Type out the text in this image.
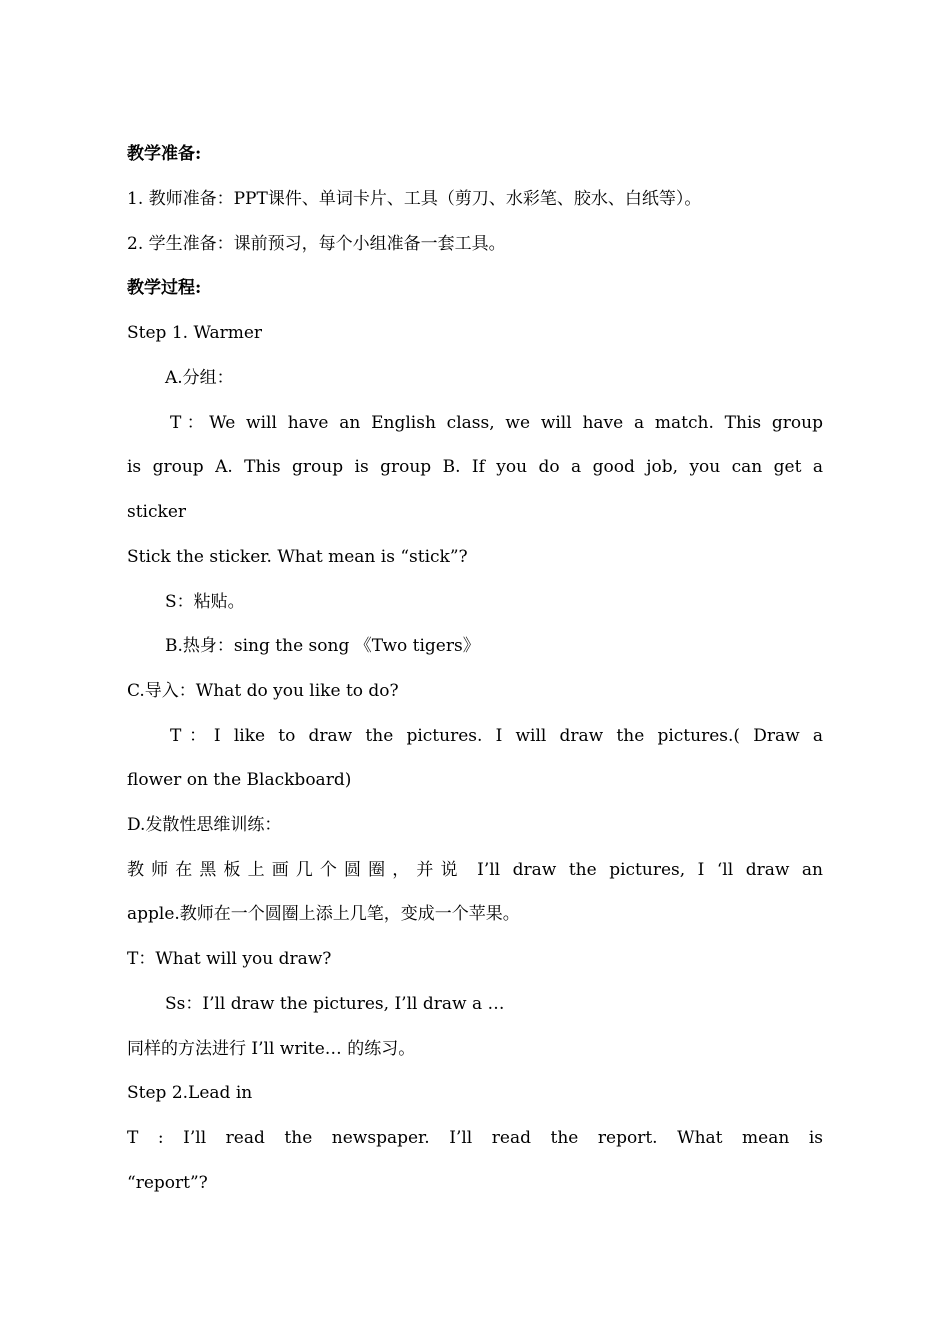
教学准备:
1. 教师准备：PPT课件、单词卡片、工具（剪刀、水彩笔、胶水、白纸等）。
2. 学生准备：课前预习，每个小组准备一套工具。
教学过程:
Step 1. Warmer
A.分组：
T：We will have an English class, we will have a match. This group
is group A. This group is group B. If you do a good job, you can get a
sticker
Stick the sticker. What mean is “stick”?
S：粘贴。
B.热身：sing the song 《Two tigers》
C.导入：What do you like to do?
T：I like to draw the pictures. I will draw the pictures.( Draw a
flower on the Blackboard)
D.发散性思维训练：
教师在黑板上画几个圆圈，并说 I’ll draw the pictures, I ‘ll draw an
apple.教师在一个圆圈上添上几笔，变成一个苹果。
T：What will you draw?
Ss：I’ll draw the pictures, I’ll draw a …
同样的方法进行 I’ll write… 的练习。
Step 2.Lead in
T : I’ll read the newspaper. I’ll read the report. What mean is
“report”?
